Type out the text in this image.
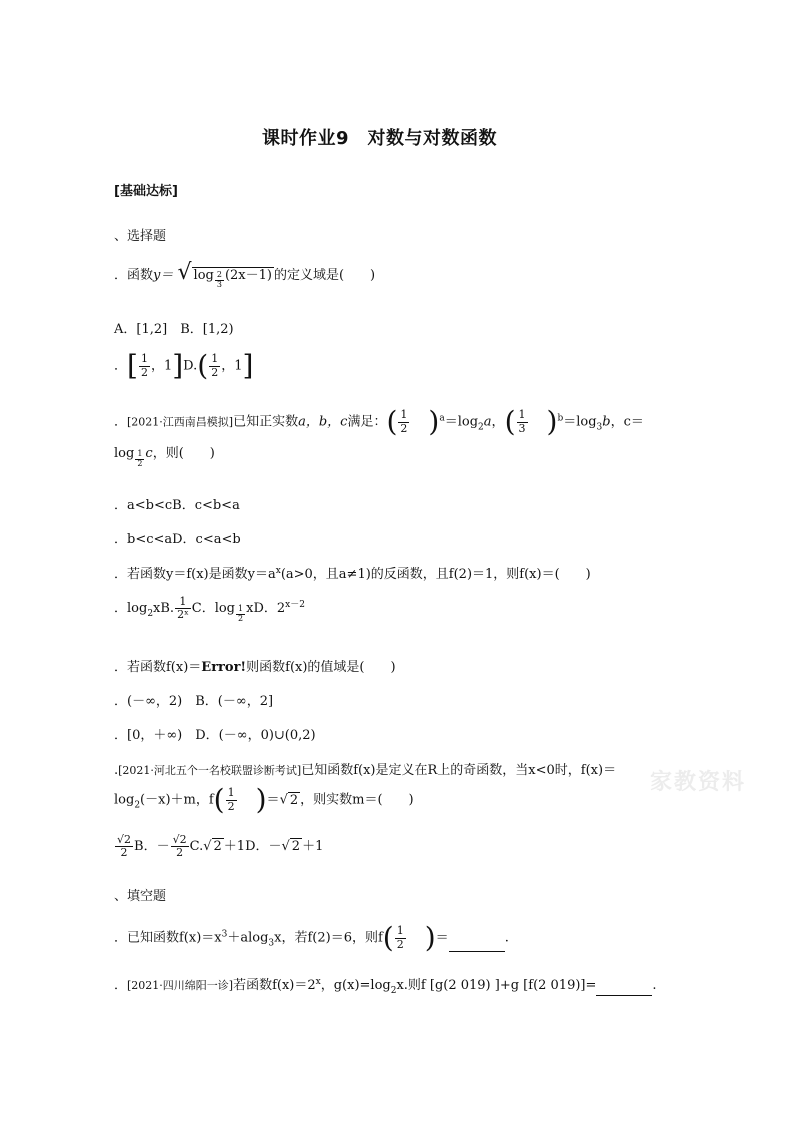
课时作业9　对数与对数函数
[基础达标]
、选择题
．函数y＝ √ $\log \frac{2}{3} (2x-1)$ 的定义域是(　　)
A．[1,2]　B．[1,2)
．[ $\frac{1}{2}$ ，$1]D.( \frac{1}{2}$ ，1]
．[2021·江西南昌模拟]已知正实数a，b，c满足：( $\frac{1}{2} )^a=\log_2a$，( $\frac{1}{3} )^b=\log_3b$，c＝
$\log \frac{1}{2}$ c，则(　　)
．a<b<cB．c<b<a
．b<c<aD．c<a<b
．若函数y＝f(x)是函数$y=a^x(a>0$，且a≠1)的反函数，且f(2)＝1，则f(x)＝(　　)
．$\log_2xB$. $\frac{1}{\text{2ˣ}}$ C．$\log \frac{1}{2}$ xD．$2^{x-2}$
．若函数f(x)＝Error!则函数f(x)的值域是(　　)
．(－∞，2)　B．(－∞，2]
．[0，＋∞)　D．(－∞，0)∪(0,2)
.[2021·河北五个一名校联盟诊断考试]已知函数f(x)是定义在R上的奇函数，当x<0时，f(x)＝ 家教资料
$\log_2(-x)+m$，$f( \frac{1}{2}$ )＝√ 2 ，则实数m＝(　　)
$\frac{√2}{2}$ B．－ $\frac{√2}{2} C.√$ 2 ＋1D．－√ 2 ＋1
、填空题
．已知函数$f(x)=x^3+alog_3x$，若f(2)＝6，则$f( \frac{1}{2}$ )＝	.
．[2021·四川绵阳一诊]若函数$f(x)=2^x$，$g(x)=\log_2x$.则f [g(2 019) ]+g [f(2 019)]=	.
